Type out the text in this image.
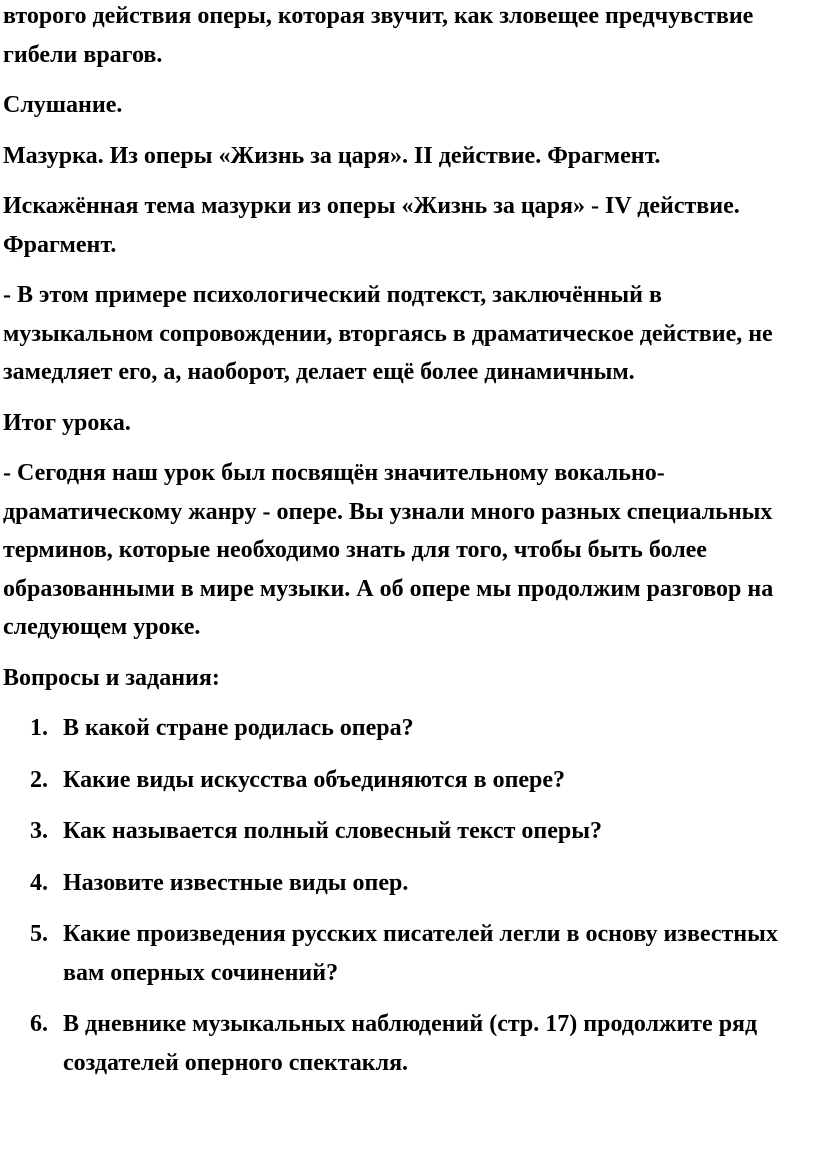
второго действия оперы, которая звучит, как зловещее предчувствие гибели врагов.

Слушание.

Мазурка. Из оперы «Жизнь за царя». II действие. Фрагмент.

Искажённая тема мазурки из оперы «Жизнь за царя» - IV действие. Фрагмент.

- В этом примере психологический подтекст, заключённый в музыкальном сопровождении, вторгаясь в драматическое действие, не замедляет его, а, наоборот, делает ещё более динамичным.

Итог урока.

- Сегодня наш урок был посвящён значительному вокально-драматическому жанру - опере. Вы узнали много разных специальных терминов, которые необходимо знать для того, чтобы быть более образованными в мире музыки. А об опере мы продолжим разговор на следующем уроке.

Вопросы и задания:

1. В какой стране родилась опера?
2. Какие виды искусства объединяются в опере?
3. Как называется полный словесный текст оперы?
4. Назовите известные виды опер.
5. Какие произведения русских писателей легли в основу известных вам оперных сочинений?
6. В дневнике музыкальных наблюдений (стр. 17) продолжите ряд создателей оперного спектакля.
